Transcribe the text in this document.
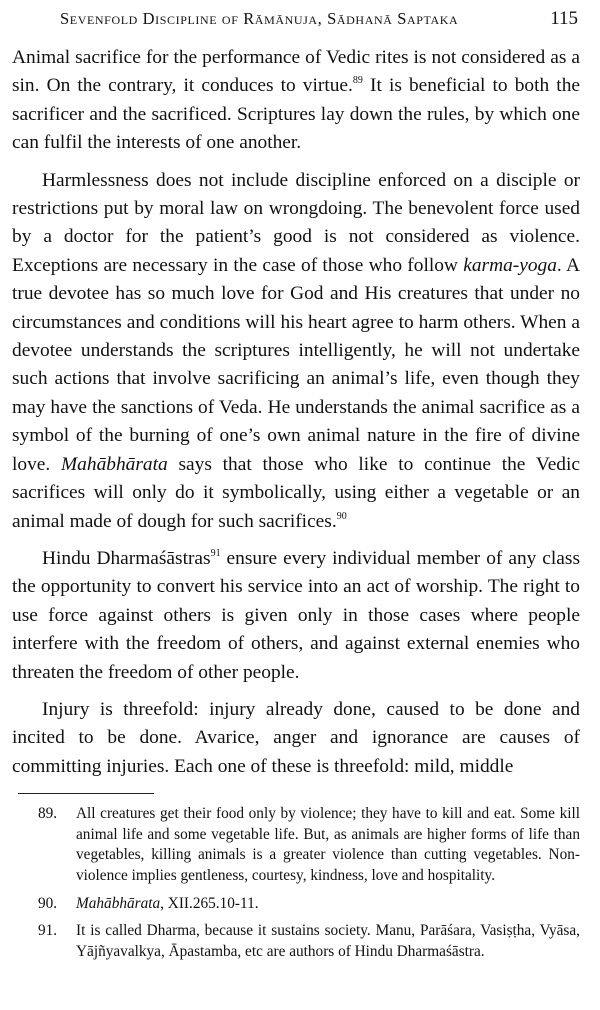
Sevenfold Discipline of Rāmānuja, Sādhanā Saptaka	115

Animal sacrifice for the performance of Vedic rites is not considered as a sin. On the contrary, it conduces to virtue.$^{89}$ It is beneficial to both the sacrificer and the sacrificed. Scriptures lay down the rules, by which one can fulfil the interests of one another.

Harmlessness does not include discipline enforced on a disciple or restrictions put by moral law on wrongdoing. The benevolent force used by a doctor for the patient’s good is not considered as violence. Exceptions are necessary in the case of those who follow karma-yoga. A true devotee has so much love for God and His creatures that under no circumstances and conditions will his heart agree to harm others. When a devotee understands the scriptures intelligently, he will not undertake such actions that involve sacrificing an animal’s life, even though they may have the sanctions of Veda. He understands the animal sacrifice as a symbol of the burning of one’s own animal nature in the fire of divine love. Mahābhārata says that those who like to continue the Vedic sacrifices will only do it symbolically, using either a vegetable or an animal made of dough for such sacrifices.$^{90}$

Hindu Dharmaśāstras$^{91}$ ensure every individual member of any class the opportunity to convert his service into an act of worship. The right to use force against others is given only in those cases where people interfere with the freedom of others, and against external enemies who threaten the freedom of other people.

Injury is threefold: injury already done, caused to be done and incited to be done. Avarice, anger and ignorance are causes of committing injuries. Each one of these is threefold: mild, middle

89.	All creatures get their food only by violence; they have to kill and eat. Some kill animal life and some vegetable life. But, as animals are higher forms of life than vegetables, killing animals is a greater violence than cutting vegetables. Non-violence implies gentleness, courtesy, kindness, love and hospitality.
90.	Mahābhārata, XII.265.10-11.
91.	It is called Dharma, because it sustains society. Manu, Parāśara, Vasiṣṭha, Vyāsa, Yājñyavalkya, Āpastamba, etc are authors of Hindu Dharmaśāstra.
